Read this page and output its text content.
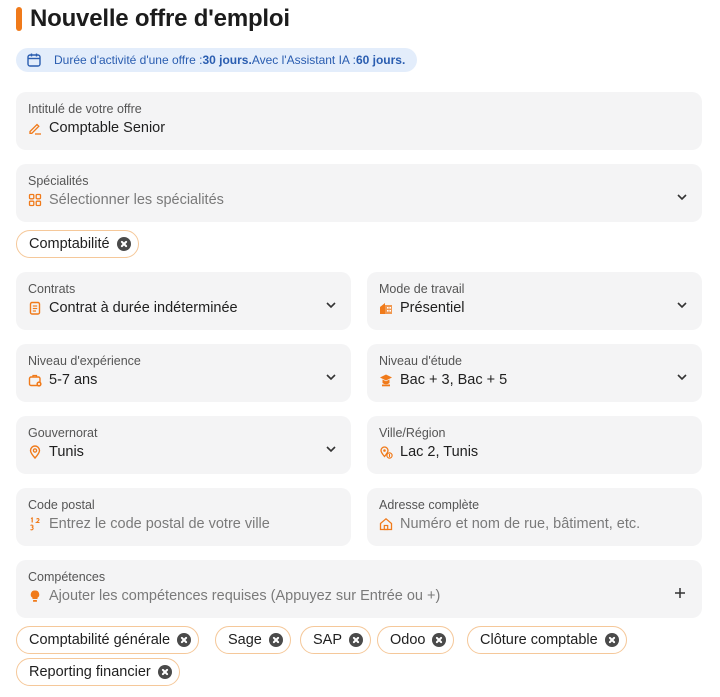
Nouvelle offre d'emploi
Durée d'activité d'une offre : 30 jours. Avec l'Assistant IA : 60 jours.
Intitulé de votre offre
Comptable Senior
Spécialités
Sélectionner les spécialités
Comptabilité
Contrats
Contrat à durée indéterminée
Mode de travail
Présentiel
Niveau d'expérience
5-7 ans
Niveau d'étude
Bac + 3, Bac + 5
Gouvernorat
Tunis
Ville/Région
Lac 2, Tunis
Code postal
Entrez le code postal de votre ville
Adresse complète
Numéro et nom de rue, bâtiment, etc.
Compétences
Ajouter les compétences requises (Appuyez sur Entrée ou +)
Comptabilité générale	Sage	SAP	Odoo	Clôture comptable
Reporting financier
